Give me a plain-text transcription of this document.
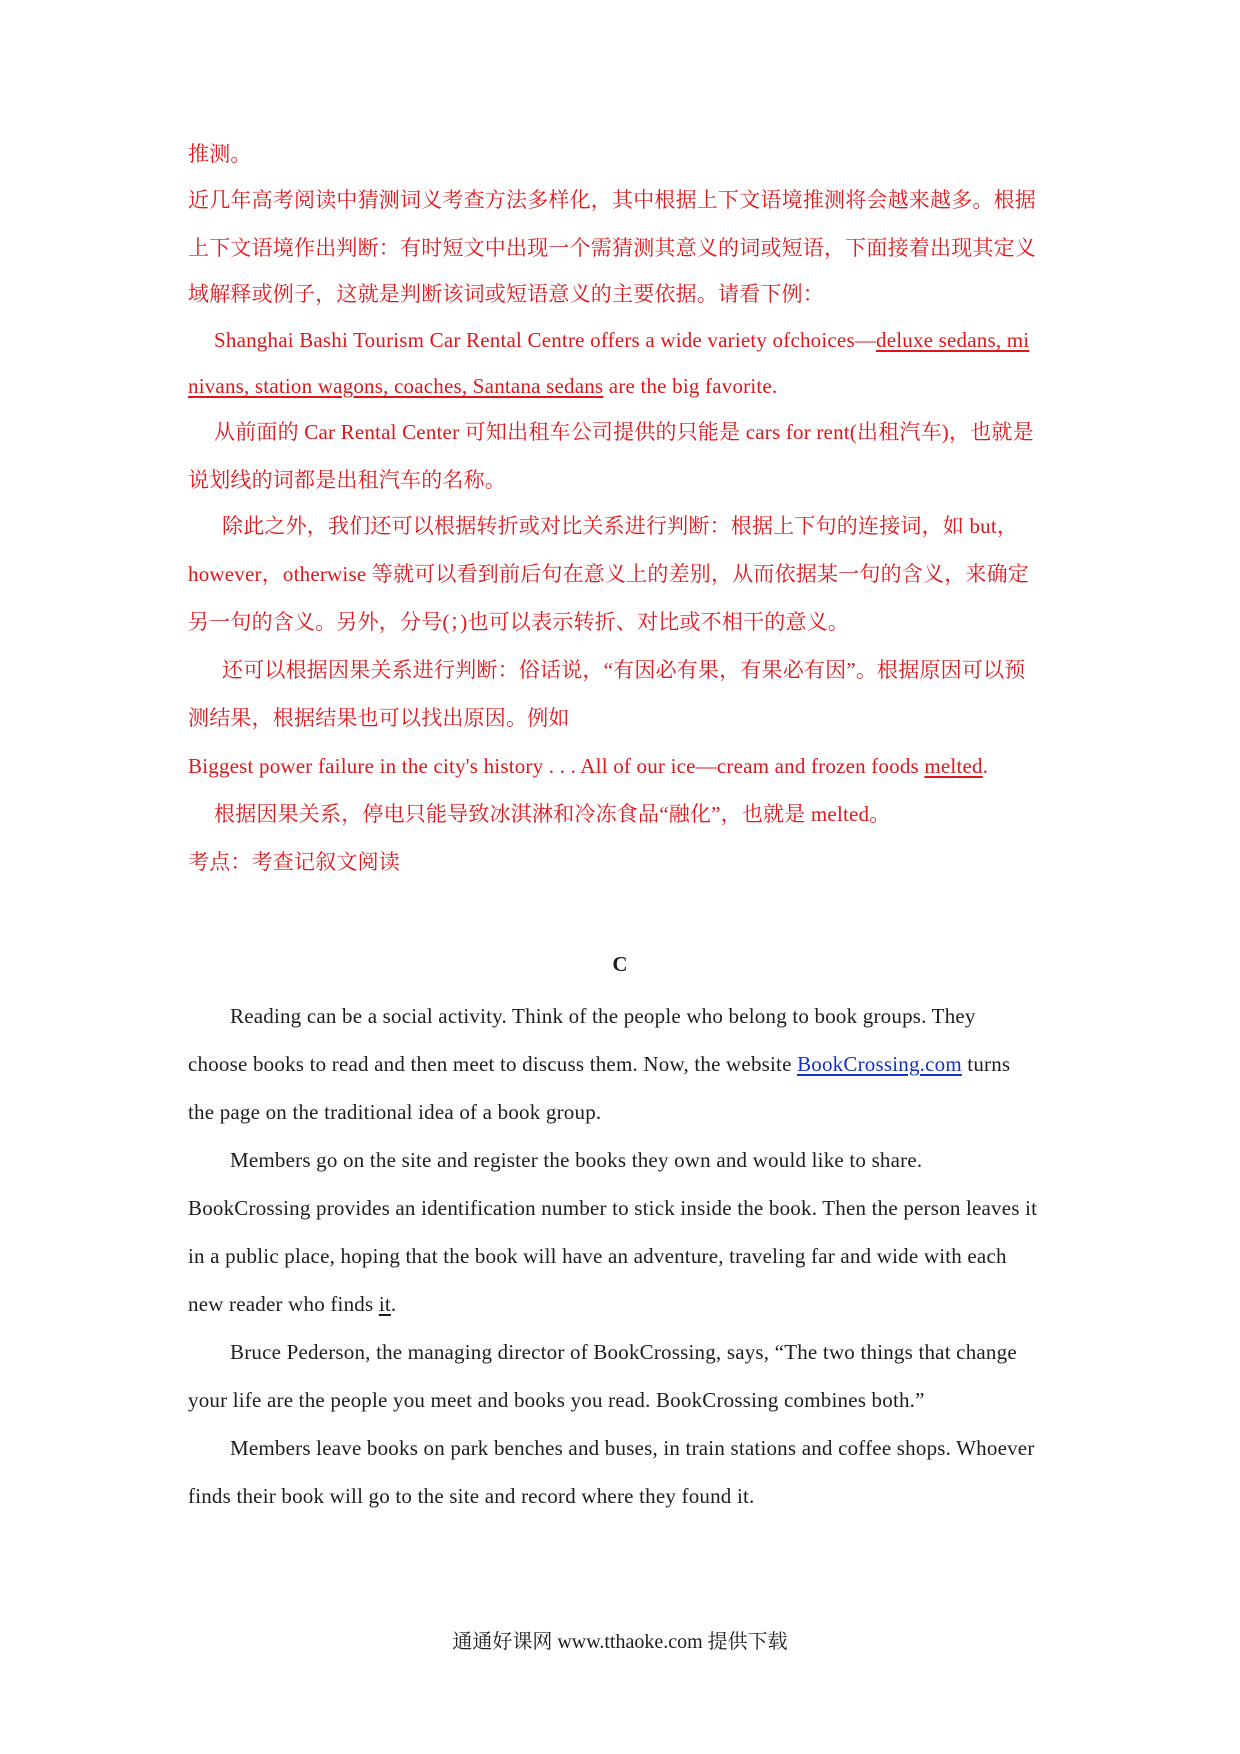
推测。
近几年高考阅读中猜测词义考查方法多样化，其中根据上下文语境推测将会越来越多。根据
上下文语境作出判断：有时短文中出现一个需猜测其意义的词或短语，下面接着出现其定义
域解释或例子，这就是判断该词或短语意义的主要依据。请看下例：
Shanghai Bashi Tourism Car Rental Centre offers a wide variety ofchoices—deluxe sedans, mi
nivans, station wagons, coaches, Santana sedans are the big favorite.
从前面的 Car Rental Center 可知出租车公司提供的只能是 cars for rent(出租汽车)，也就是
说划线的词都是出租汽车的名称。
除此之外，我们还可以根据转折或对比关系进行判断：根据上下句的连接词，如 but，
however，otherwise 等就可以看到前后句在意义上的差别，从而依据某一句的含义，来确定
另一句的含义。另外，分号(；)也可以表示转折、对比或不相干的意义。
还可以根据因果关系进行判断：俗话说，“有因必有果，有果必有因”。根据原因可以预
测结果，根据结果也可以找出原因。例如
Biggest power failure in the city's history . . . All of our ice—cream and frozen foods melted.
根据因果关系，停电只能导致冰淇淋和冷冻食品“融化”，也就是 melted。
考点：考查记叙文阅读
C
Reading can be a social activity. Think of the people who belong to book groups. They
choose books to read and then meet to discuss them. Now, the website BookCrossing.com turns
the page on the traditional idea of a book group.
Members go on the site and register the books they own and would like to share.
BookCrossing provides an identification number to stick inside the book. Then the person leaves it
in a public place, hoping that the book will have an adventure, traveling far and wide with each
new reader who finds it.
Bruce Pederson, the managing director of BookCrossing, says, “The two things that change
your life are the people you meet and books you read. BookCrossing combines both.”
Members leave books on park benches and buses, in train stations and coffee shops. Whoever
finds their book will go to the site and record where they found it.
通通好课网 www.tthaoke.com 提供下载
